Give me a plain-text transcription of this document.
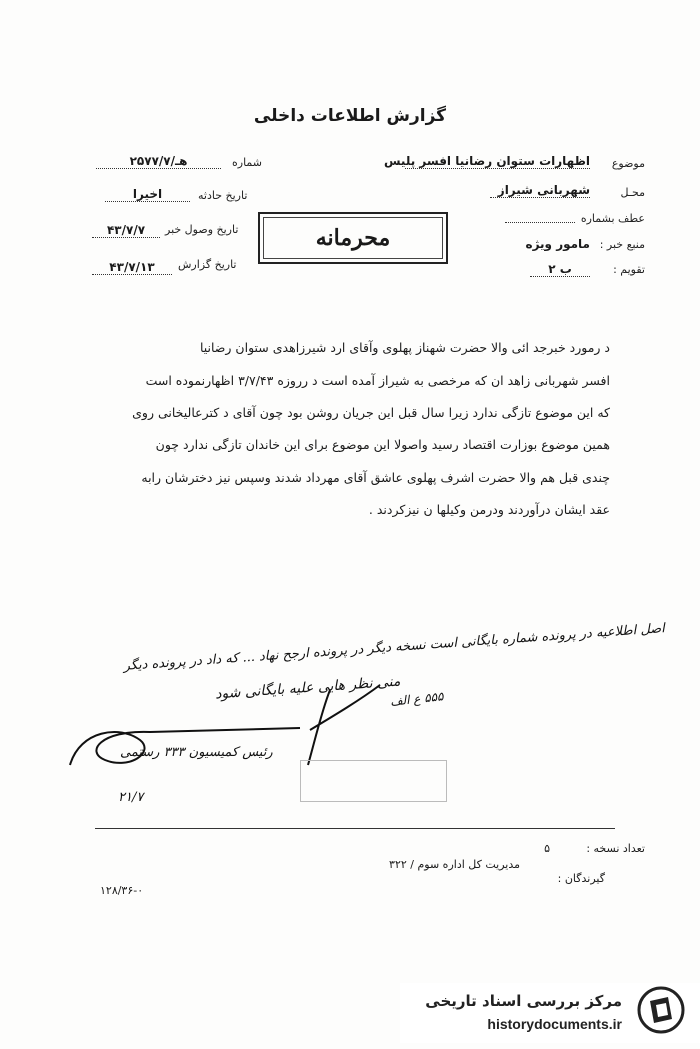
گزارش اطلاعات داخلی
موضوع
اظهارات ستوان رضانیا افسر پلیس
محـل
شهربانی شیراز
عطف بشماره
منبع خبر :
مامور ویژه
تقویم :
ب ۲
شماره
۲۵۷۷/۷/هـ
تاریخ حادثه
اخیرا
تاریخ وصول خبر
۴۳/۷/۷
تاریخ گزارش
۴۳/۷/۱۳
محرمانه
د رمورد خبرجد ائی والا حضرت شهناز پهلوی وآقای ارد شیرزاهدی ستوان رضانیا
افسر شهربانی زاهد ان که مرخصی به شیراز آمده است د رروزه ۳/۷/۴۳ اظهارنموده است
که این موضوع تازگی ندارد زیرا سال قبل این جریان روشن بود چون آقای د کترعالیخانی روی
همین موضوع بوزارت اقتصاد رسید واصولا این موضوع برای این خاندان تازگی ندارد چون
چندی قبل هم والا حضرت اشرف پهلوی عاشق آقای مهرداد شدند وسپس نیز دخترشان رابه
عقد ایشان درآوردند ودرمن وکیلها ن نیزکردند .
اصل اطلاعیه در پرونده شماره بایگانی است نسخه دیگر در پرونده ارجح نهاد ... که داد در پرونده دیگر
منی نظر هایی علیه بایگانی شود
۵۵۵ ع الف
رئیس کمیسیون ۳۳۳ رستمی
۲۱/۷
تعداد نسخه :
۵
مدیریت کل اداره سوم / ۳۲۲
گیرندگان :
۱۲۸/۳۶-۰
مرکز بررسی اسناد تاریخی
historydocuments.ir
